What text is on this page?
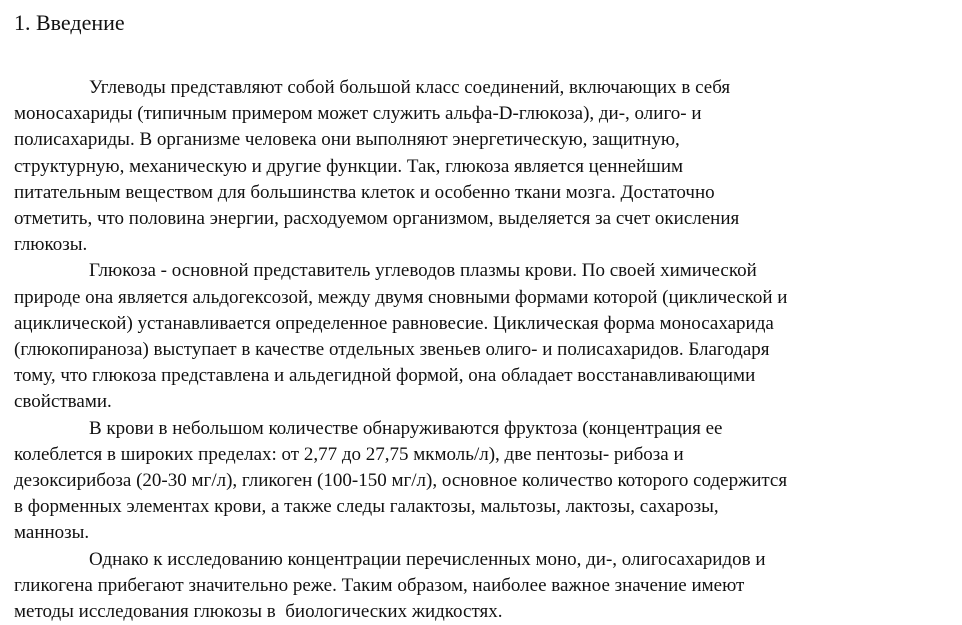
1. Введение

Углеводы представляют собой большой класс соединений, включающих в себя
моносахариды (типичным примером может служить альфа-D-глюкоза), ди-, олиго- и
полисахариды. В организме человека они выполняют энергетическую, защитную,
структурную, механическую и другие функции. Так, глюкоза является ценнейшим
питательным веществом для большинства клеток и особенно ткани мозга. Достаточно
отметить, что половина энергии, расходуемом организмом, выделяется за счет окисления
глюкозы.

Глюкоза - основной представитель углеводов плазмы крови. По своей химической
природе она является альдогексозой, между двумя сновными формами которой (циклической и
ациклической) устанавливается определенное равновесие. Циклическая форма моносахарида
(глюкопираноза) выступает в качестве отдельных звеньев олиго- и полисахаридов. Благодаря
тому, что глюкоза представлена и альдегидной формой, она обладает восстанавливающими
свойствами.

В крови в небольшом количестве обнаруживаются фруктоза (концентрация ее
колеблется в широких пределах: от 2,77 до 27,75 мкмоль/л), две пентозы- рибоза и
дезоксирибоза (20-30 мг/л), гликоген (100-150 мг/л), основное количество которого содержится
в форменных элементах крови, а также следы галактозы, мальтозы, лактозы, сахарозы,
маннозы.

Однако к исследованию концентрации перечисленных моно, ди-, олигосахаридов и
гликогена прибегают значительно реже. Таким образом, наиболее важное значение имеют
методы исследования глюкозы в  биологических жидкостях.
